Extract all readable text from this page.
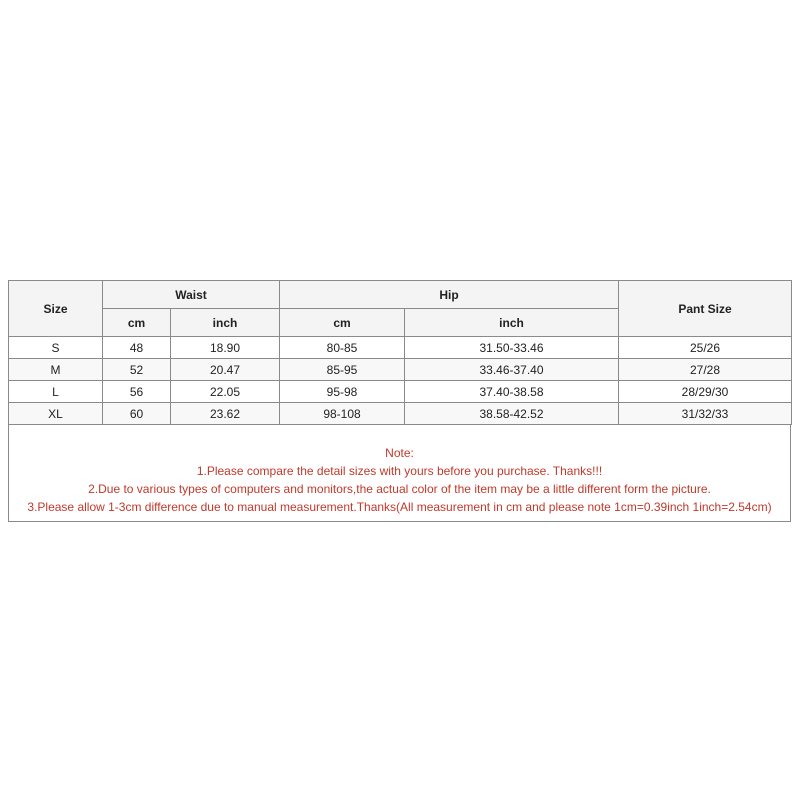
Size	Waist		Hip		Pant Size
	cm	inch	cm	inch	
S	48	18.90	80-85	31.50-33.46	25/26
M	52	20.47	85-95	33.46-37.40	27/28
L	56	22.05	95-98	37.40-38.58	28/29/30
XL	60	23.62	98-108	38.58-42.52	31/32/33
Note:
1.Please compare the detail sizes with yours before you purchase. Thanks!!!
2.Due to various types of computers and monitors,the actual color of the item may be a little different form the picture.
3.Please allow 1-3cm difference due to manual measurement.Thanks(All measurement in cm and please note 1cm=0.39inch 1inch=2.54cm)
